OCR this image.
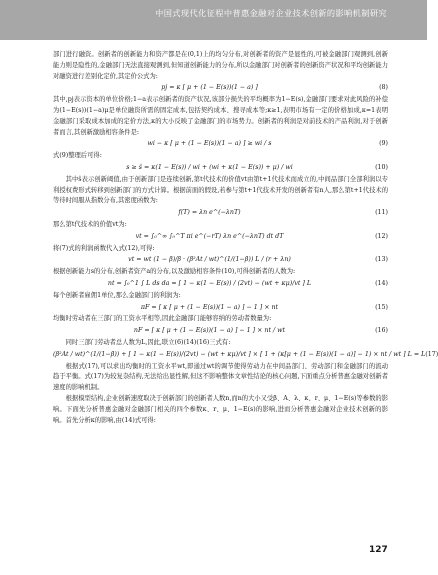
中国式现代化征程中普惠金融对企业技术创新的影响机制研究

部门进行融资。创新者的创新能力和资产都是在(0,1)上的均匀分布,对创新者的资产是显性的,可被金融部门观测到,创新能力则是隐性的,金融部门无法直接观测到,但知道创新能力的分布,所以金融部门对创新者的创新资产状况和平均创新能力对融资进行差别化定价,其定价公式为:

pj = κ [ μ + (1 − E(s))(1 − a) ]	(8)

其中,pj表示资本的单位价格;1−a表示创新者的资产状况,该部分损失的平均概率为1−E(s),金融部门要求对此风险的补偿为(1−E(s))(1−a)μ是单位融资所需的固定成本,包括契约成本、搜寻成本等;κ≥1,表明市场有一定的价格加成,κ=1表明金融部门采取成本加成的定价方法,κ的大小反映了金融部门的市场势力。创新者的利润是对前技术的产品利润,对于创新者而言,其创新激励相容条件是:

wi − κ [ μ + (1 − E(s))(1 − a) ] ≥ wi / s	(9)

式(9)整理后可得:

s ≥ ŝ = κ(1 − E(s)) / wi + (wi + κ(1 − E(s)) + μ) / wi	(10)

其中ŝ表示创新阈值,由于创新部门是连续创新,第t代技术的价值vt由第t+1代技术而成立的,中间品部门全部利润以专利授权费形式转移到创新部门的方式计算。根据前面的假设,若参与第t+1代技术开发的创新者有n人,那么第t+1代技术的等待时间服从指数分布,其密度函数为:

f(T) = λn e^(−λnT)	(11)

那么第t代技术的价值vt为:

vt = ∫₀^∞ ∫₀^T πi e^(−rT) λn e^(−λnT) dt dT	(12)

将(7)式的利润函数代入式(12),可得:

vt = wt (1 − β)/β · (β²At / wt)^(1/(1−β)) L / (r + λn)	(13)

根据创新能力s的分布,创新者资产a的分布,以及激励相容条件(10),可得创新者的人数为:

nt = ∫₀^1 ∫ L ds da = [ 1 − κ(1 − E(s)) / (2vt) − (wt + κμ)/vt ] L	(14)

每个创新者雇佣1单位,那么金融部门的利润为:

πF = [ κ [ μ + (1 − E(s))(1 − a) ] − 1 ] × nt	(15)

均衡时劳动者在三部门的工资水平相等,因此金融部门能够容纳的劳动者数量为:

nF = [ κ [ μ + (1 − E(s))(1 − a) ] − 1 ] × nt / wt	(16)

同时三部门劳动者总人数为L,因此,联立(6)(14)(16)三式有:

(β²At / wt)^(1/(1−β)) + [ 1 − κ(1 − E(s))/(2vt) − (wt + κμ)/vt ] × [ 1 + (κ[μ + (1 − E(s))(1 − a)] − 1) × nt / wt ] L = L (17)

根据式(17),可以求出均衡时的工资水平wt,即通过wt的调节使得劳动力在中间品部门、劳动部门和金融部门的流动趋于平衡。式(17)为较复杂结构,无法给出显性解,但这不影响整体文章性结论的核心问题,下面重点分析普惠金融对创新者速度的影响机制。

根据模型结构,企业创新速度取决于创新部门的创新者人数n,而n的大小又受β、A、λ、κ、r、μ、1−E(s)等参数的影响。下面先分析普惠金融对金融部门相关的四个参数κ、r、μ、1−E(s)的影响,进而分析普惠金融对企业技术创新的影响。首先分析κ的影响,由(14)式可得:

127
